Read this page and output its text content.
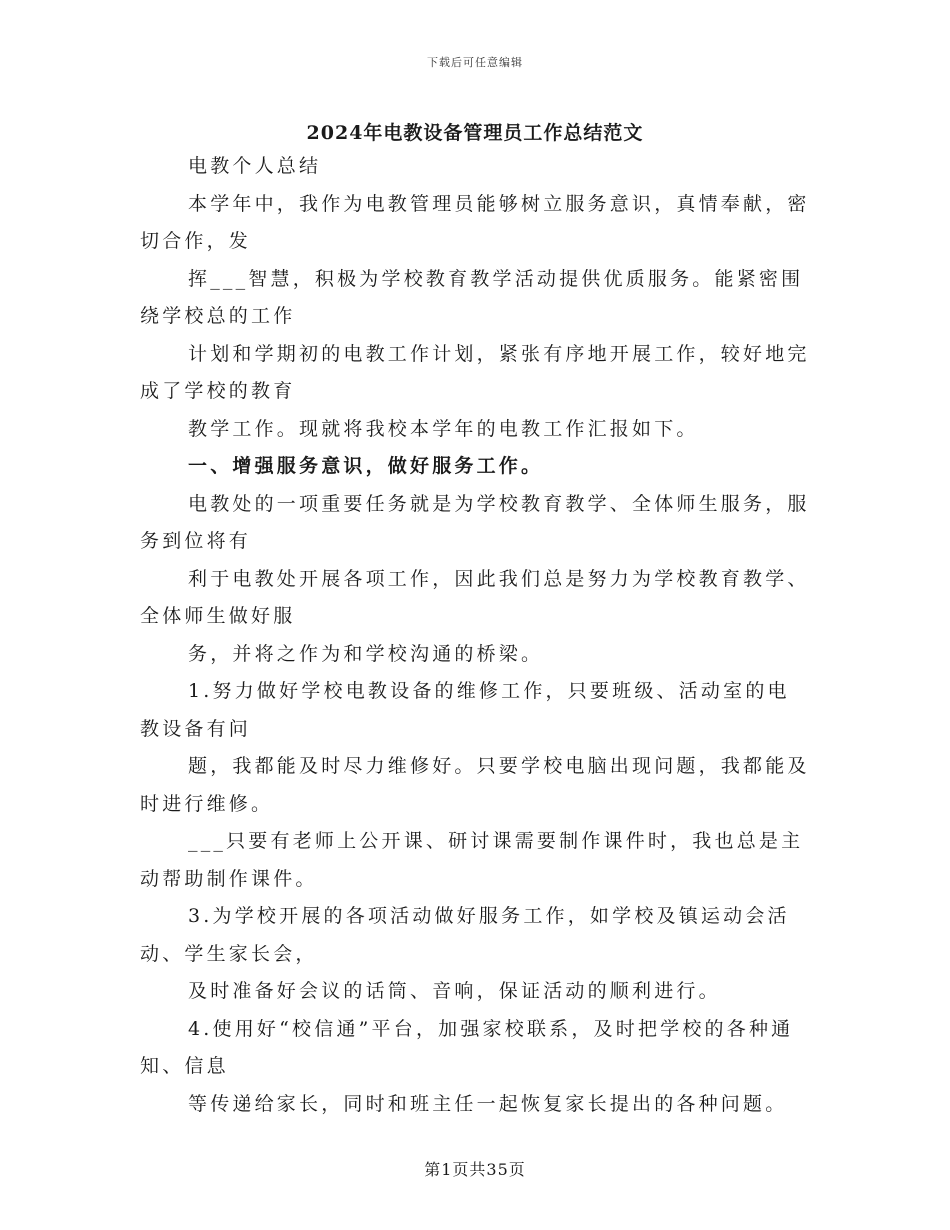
下载后可任意编辑
2024年电教设备管理员工作总结范文

电教个人总结

本学年中，我作为电教管理员能够树立服务意识，真情奉献，密切合作，发

挥___智慧，积极为学校教育教学活动提供优质服务。能紧密围绕学校总的工作

计划和学期初的电教工作计划，紧张有序地开展工作，较好地完成了学校的教育

教学工作。现就将我校本学年的电教工作汇报如下。

一、增强服务意识，做好服务工作。

电教处的一项重要任务就是为学校教育教学、全体师生服务，服务到位将有

利于电教处开展各项工作，因此我们总是努力为学校教育教学、全体师生做好服

务，并将之作为和学校沟通的桥梁。

1.努力做好学校电教设备的维修工作，只要班级、活动室的电教设备有问

题，我都能及时尽力维修好。只要学校电脑出现问题，我都能及时进行维修。

___只要有老师上公开课、研讨课需要制作课件时，我也总是主动帮助制作课件。

3.为学校开展的各项活动做好服务工作，如学校及镇运动会活动、学生家长会，

及时准备好会议的话筒、音响，保证活动的顺利进行。

4.使用好“校信通”平台，加强家校联系，及时把学校的各种通知、信息

等传递给家长，同时和班主任一起恢复家长提出的各种问题。

第1页共35页
